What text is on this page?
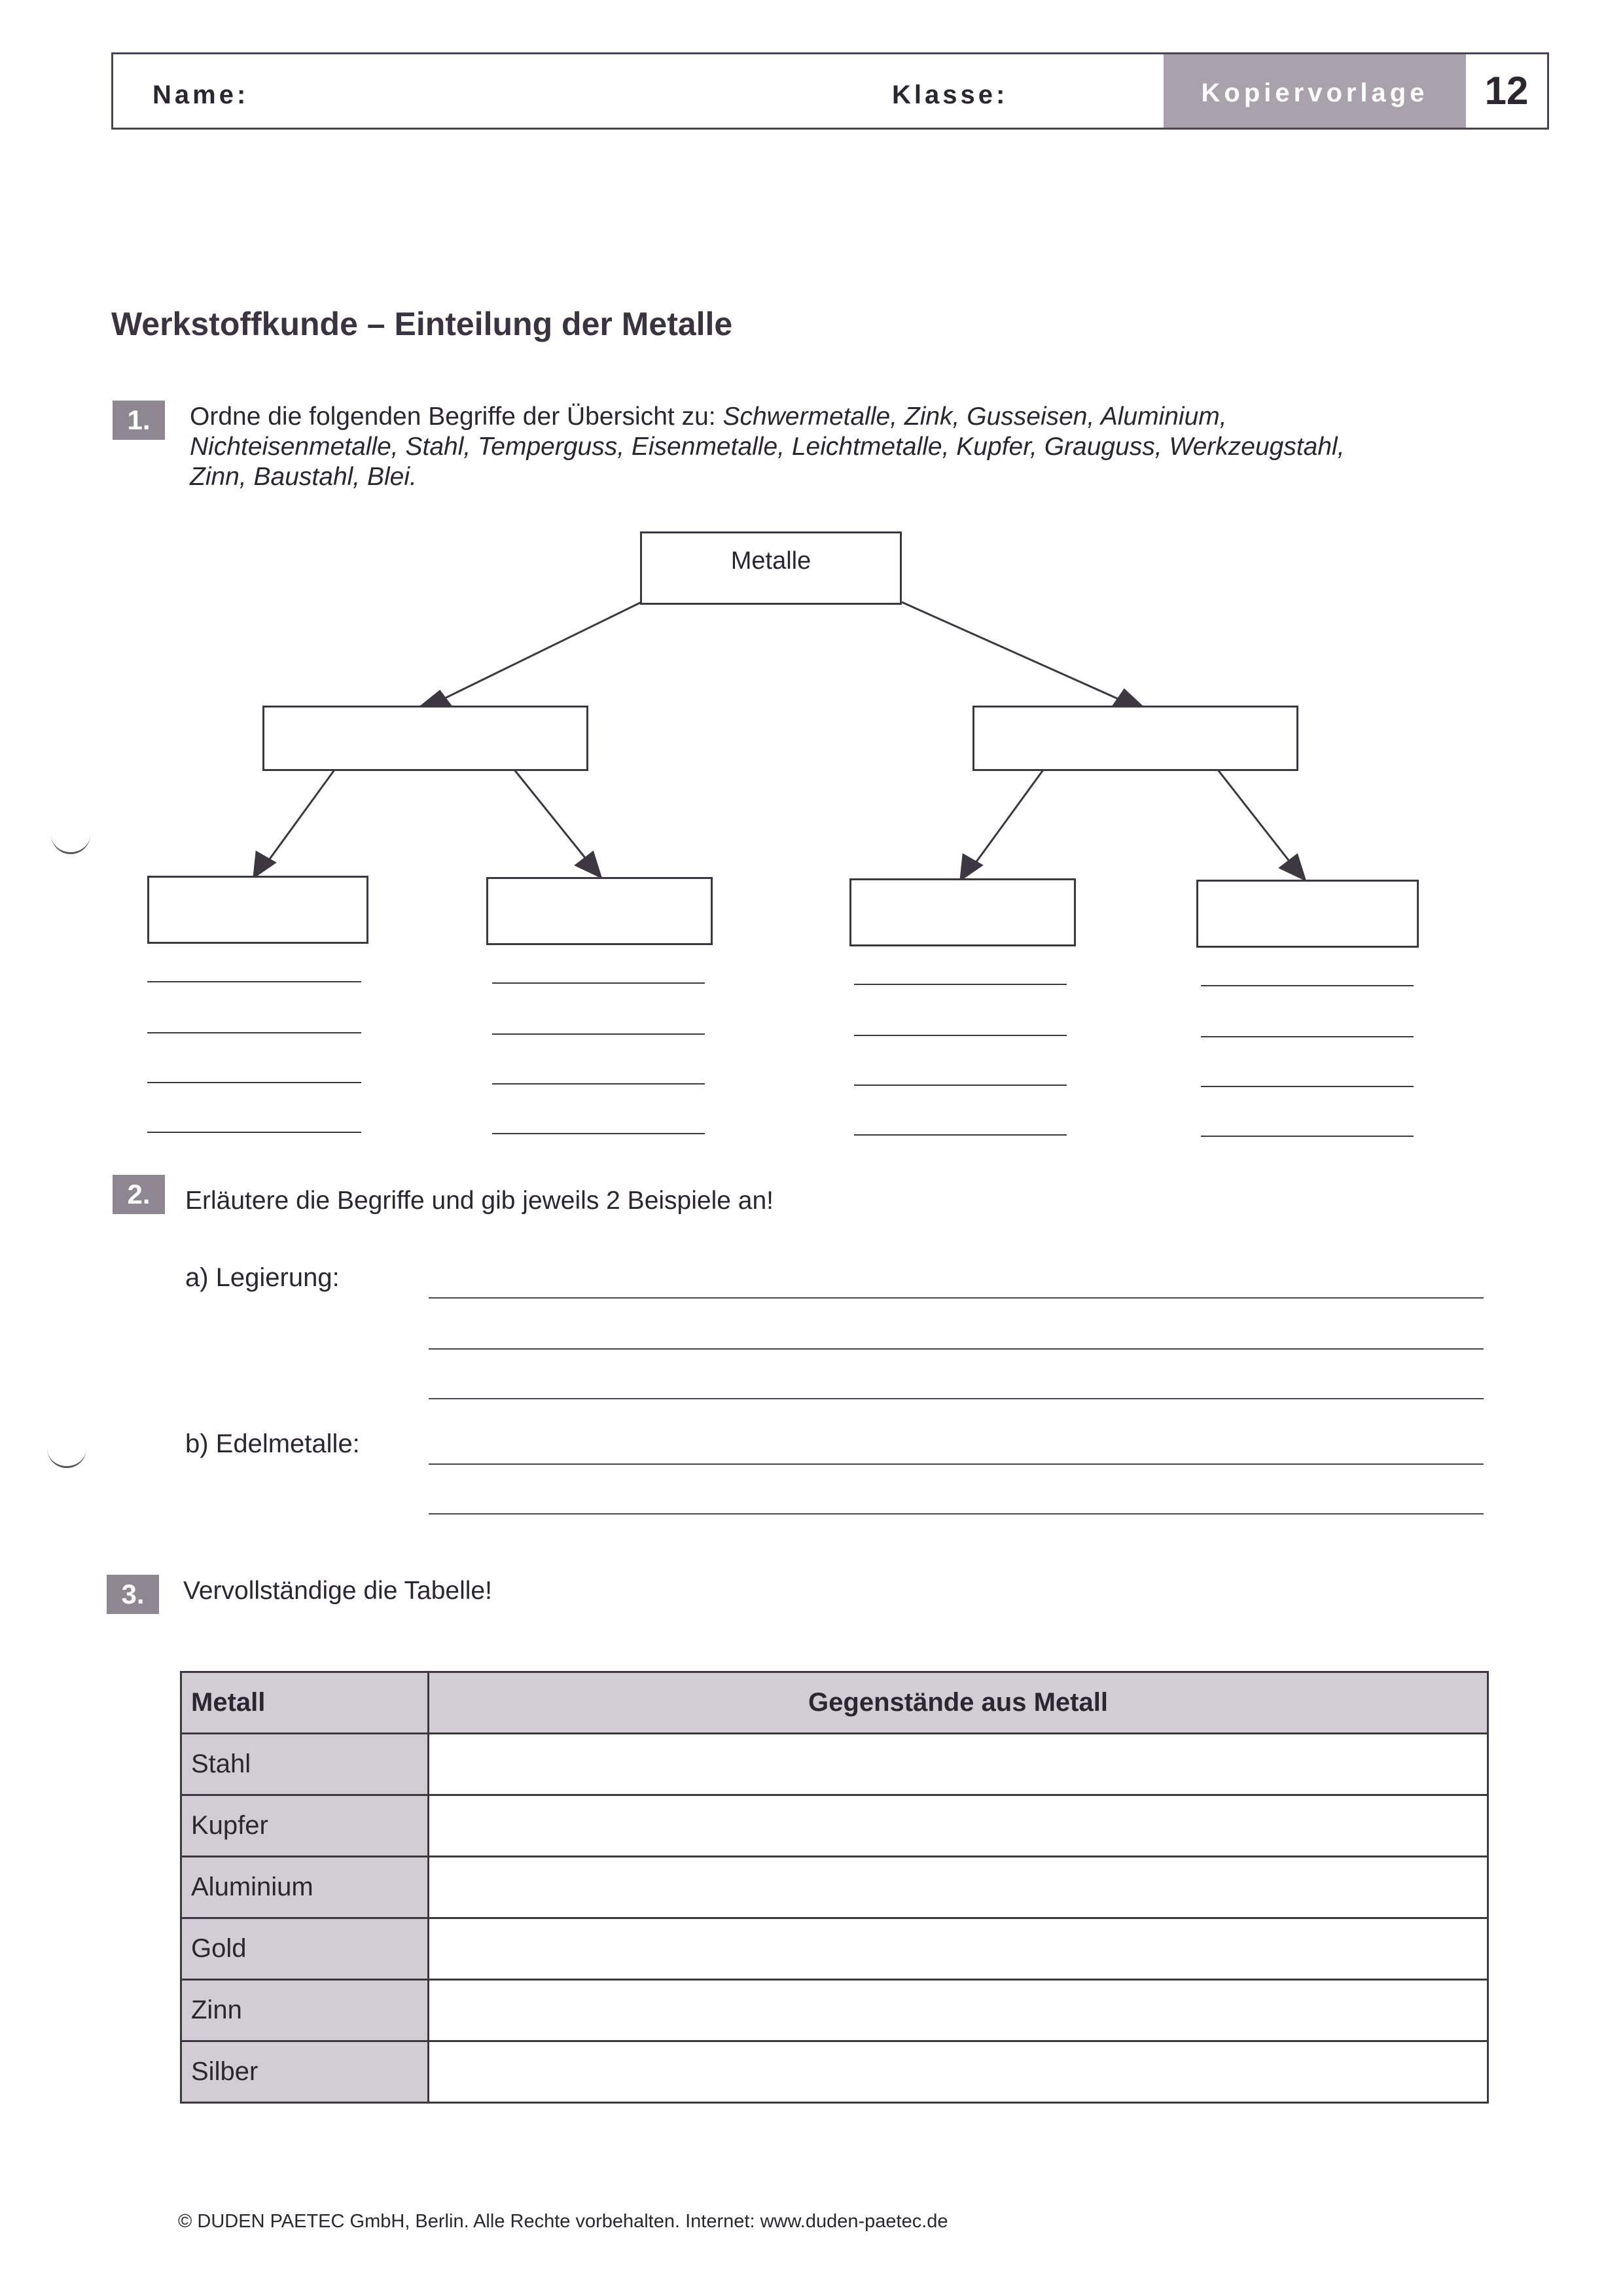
Name:	Klasse:	Kopiervorlage	12
Werkstoffkunde – Einteilung der Metalle
1.	Ordne die folgenden Begriffe der Übersicht zu: Schwermetalle, Zink, Gusseisen, Aluminium,
Nichteisenmetalle, Stahl, Temperguss, Eisenmetalle, Leichtmetalle, Kupfer, Grauguss, Werkzeugstahl,
Zinn, Baustahl, Blei.
Metalle
2.	Erläutere die Begriffe und gib jeweils 2 Beispiele an!
a) Legierung:
b) Edelmetalle:
3.	Vervollständige die Tabelle!
Metall	Gegenstände aus Metall
Stahl	
Kupfer	
Aluminium	
Gold	
Zinn	
Silber	
© DUDEN PAETEC GmbH, Berlin. Alle Rechte vorbehalten. Internet: www.duden-paetec.de
